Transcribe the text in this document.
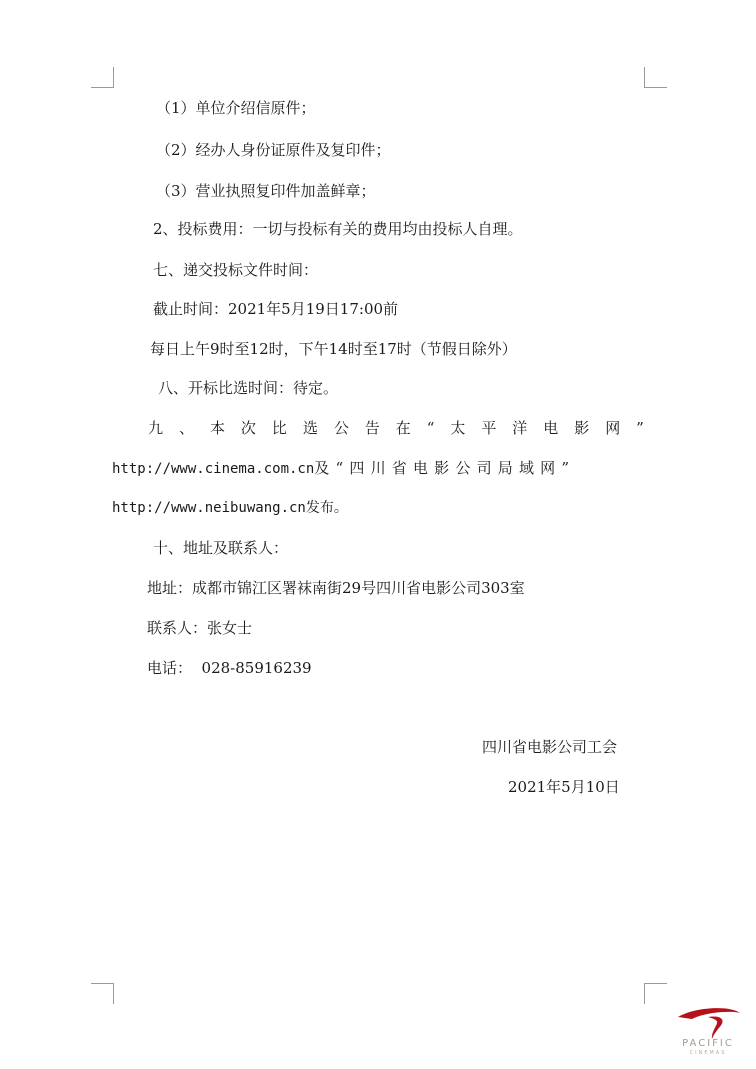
（1）单位介绍信原件；
（2）经办人身份证原件及复印件；
（3）营业执照复印件加盖鲜章；
2、投标费用：一切与投标有关的费用均由投标人自理。
七、递交投标文件时间：
截止时间：2021年5月19日17:00前
每日上午9时至12时，下午14时至17时（节假日除外）
八、开标比选时间：待定。
九 、 本 次 比 选 公 告 在 “ 太 平 洋 电 影 网 ”
http://www.cinema.com.cn及“四川省电影公司局域网”
http://www.neibuwang.cn发布。
十、地址及联系人：
地址：成都市锦江区署袜南街29号四川省电影公司303室
联系人：张女士
电话：  028-85916239
四川省电影公司工会
2021年5月10日
PACIFIC
CINEMAS
